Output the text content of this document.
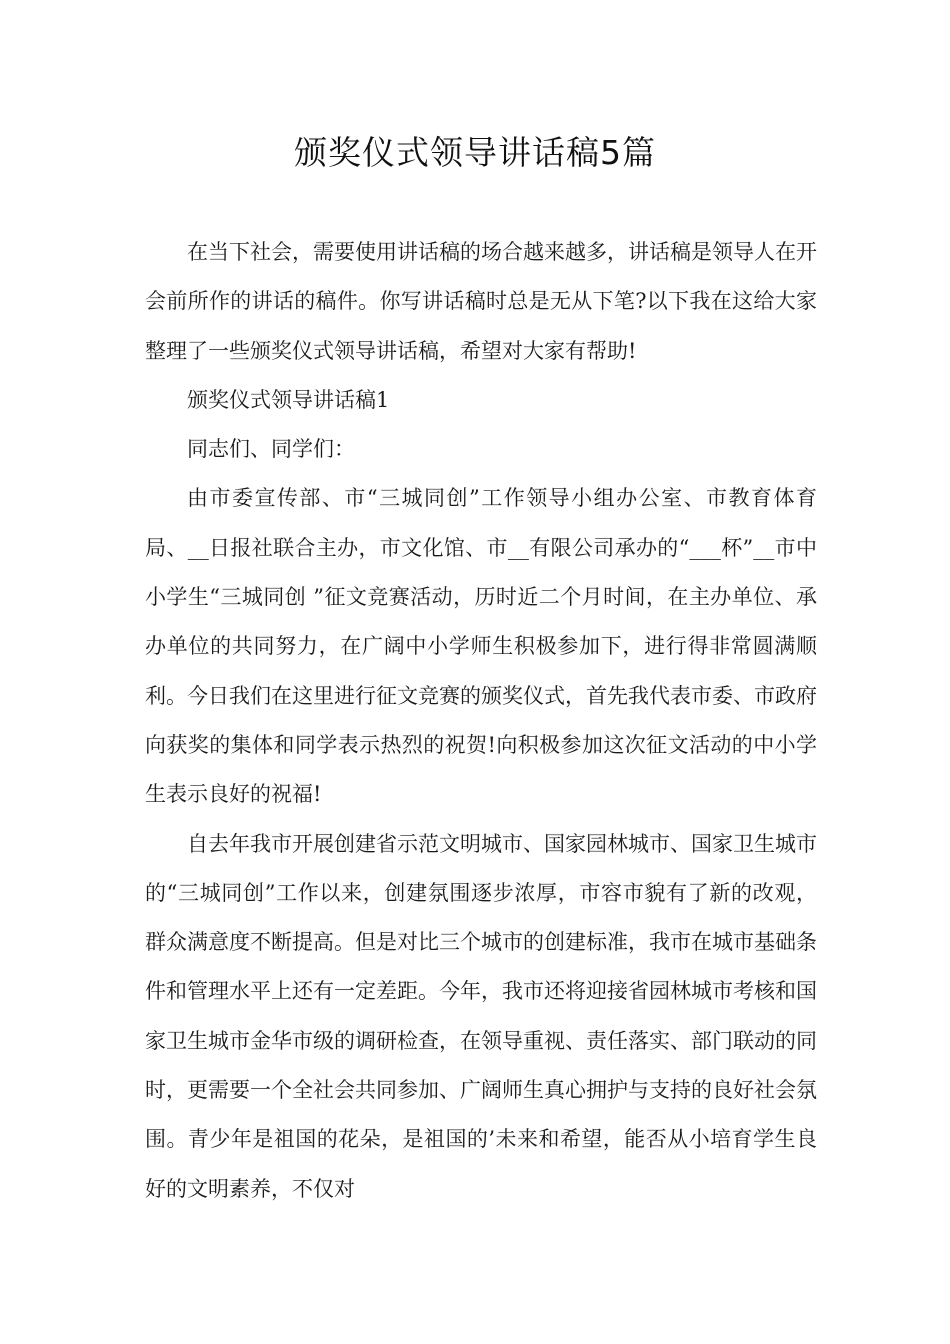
颁奖仪式领导讲话稿5篇

在当下社会，需要使用讲话稿的场合越来越多，讲话稿是领导人在开会前所作的讲话的稿件。你写讲话稿时总是无从下笔?以下我在这给大家整理了一些颁奖仪式领导讲话稿，希望对大家有帮助!

颁奖仪式领导讲话稿1

同志们、同学们：

由市委宣传部、市“三城同创”工作领导小组办公室、市教育体育局、__日报社联合主办，市文化馆、市__有限公司承办的“___杯”__市中小学生“三城同创 ”征文竞赛活动，历时近二个月时间，在主办单位、承办单位的共同努力，在广阔中小学师生积极参加下，进行得非常圆满顺利。今日我们在这里进行征文竞赛的颁奖仪式，首先我代表市委、市政府向获奖的集体和同学表示热烈的祝贺!向积极参加这次征文活动的中小学生表示良好的祝福!

自去年我市开展创建省示范文明城市、国家园林城市、国家卫生城市的“三城同创”工作以来，创建氛围逐步浓厚，市容市貌有了新的改观，群众满意度不断提高。但是对比三个城市的创建标准，我市在城市基础条件和管理水平上还有一定差距。今年，我市还将迎接省园林城市考核和国家卫生城市金华市级的调研检查，在领导重视、责任落实、部门联动的同时，更需要一个全社会共同参加、广阔师生真心拥护与支持的良好社会氛围。青少年是祖国的花朵，是祖国的’未来和希望，能否从小培育学生良好的文明素养，不仅对
